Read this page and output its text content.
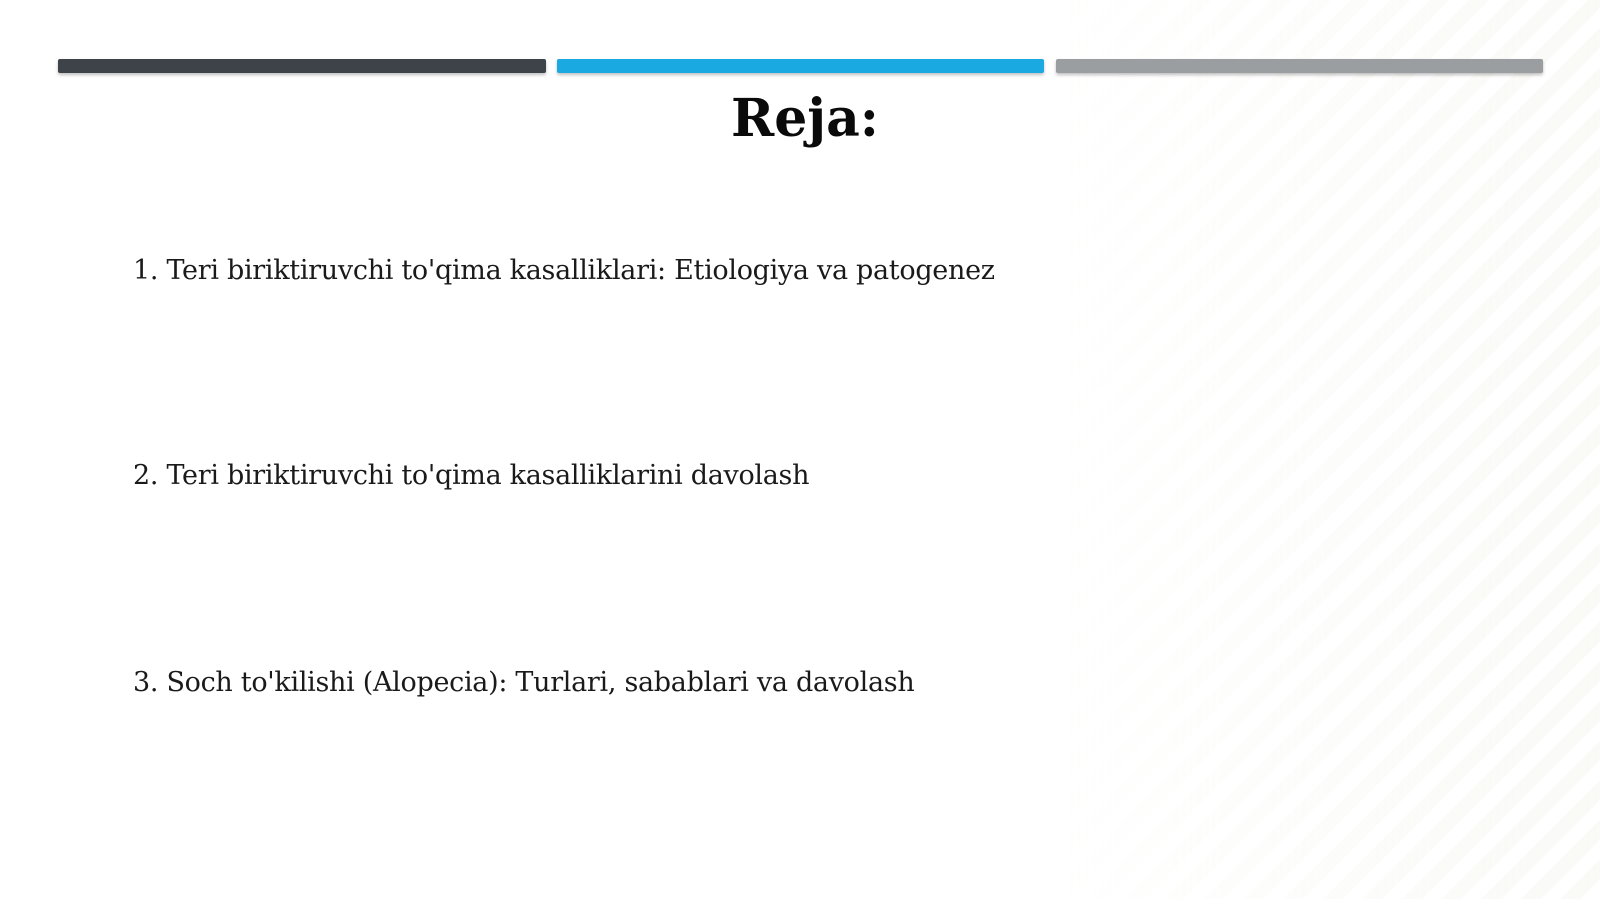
Reja:
1. Teri biriktiruvchi to'qima kasalliklari: Etiologiya va patogenez
2. Teri biriktiruvchi to'qima kasalliklarini davolash
3. Soch to'kilishi (Alopecia): Turlari, sabablari va davolash
